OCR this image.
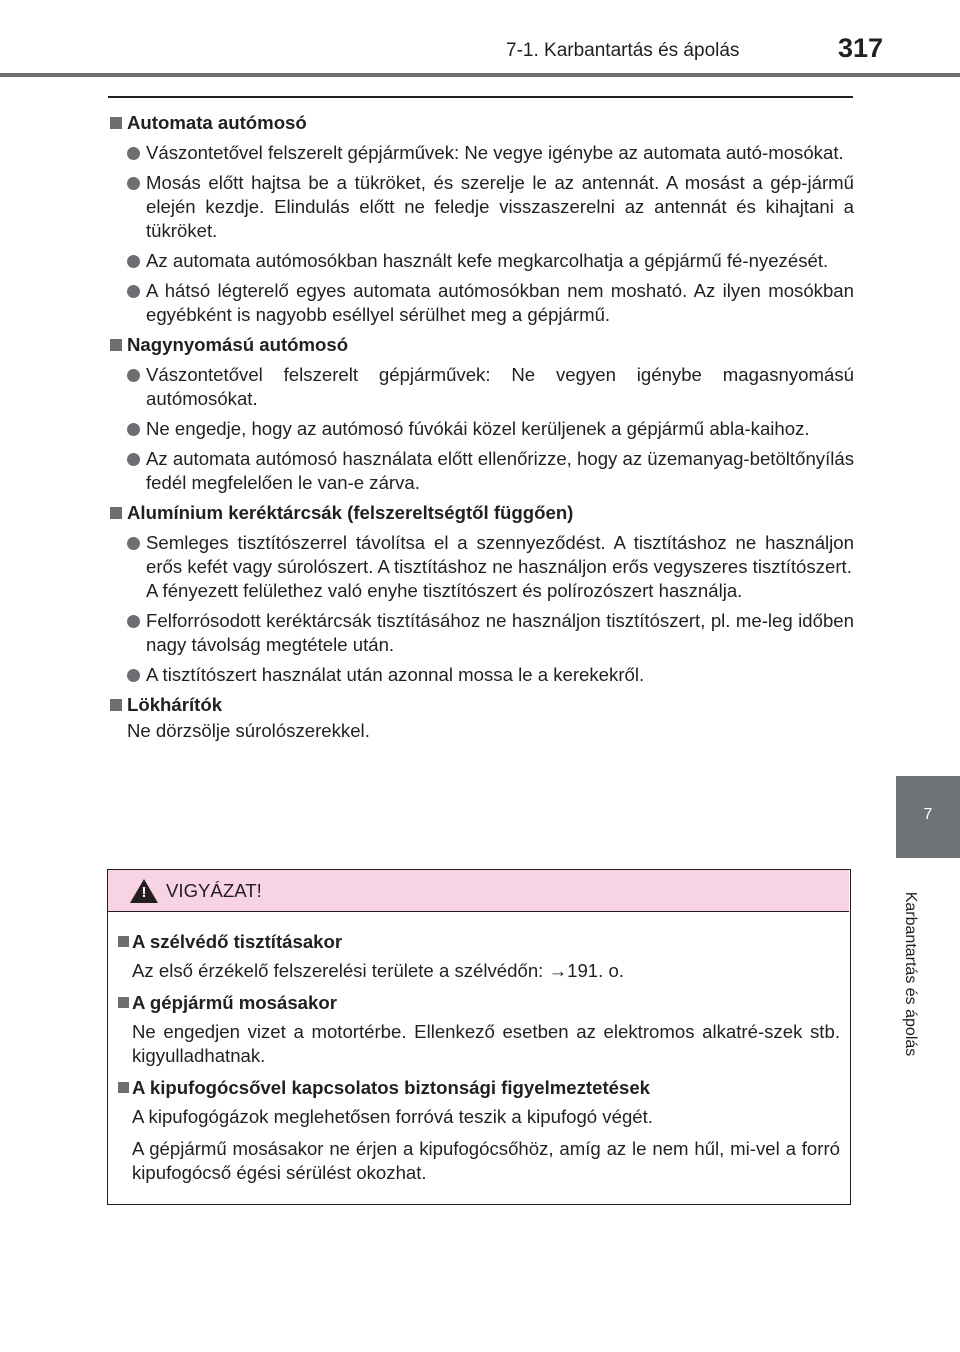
7-1. Karbantartás és ápolás	317
7
Karbantartás és ápolás
Automata autómosó
Vászontetővel felszerelt gépjárművek: Ne vegye igénybe az automata autó-mosókat.
Mosás előtt hajtsa be a tükröket, és szerelje le az antennát. A mosást a gép-jármű elején kezdje. Elindulás előtt ne feledje visszaszerelni az antennát és kihajtani a tükröket.
Az automata autómosókban használt kefe megkarcolhatja a gépjármű fé-nyezését.
A hátsó légterelő egyes automata autómosókban nem mosható. Az ilyen mosókban egyébként is nagyobb eséllyel sérülhet meg a gépjármű.
Nagynyomású autómosó
Vászontetővel felszerelt gépjárművek: Ne vegyen igénybe magasnyomású autómosókat.
Ne engedje, hogy az autómosó fúvókái közel kerüljenek a gépjármű abla-kaihoz.
Az automata autómosó használata előtt ellenőrizze, hogy az üzemanyag-betöltőnyílás fedél megfelelően le van-e zárva.
Alumínium keréktárcsák (felszereltségtől függően)
Semleges tisztítószerrel távolítsa el a szennyeződést. A tisztításhoz ne használjon erős kefét vagy súrolószert. A tisztításhoz ne használjon erős vegyszeres tisztítószert.
A fényezett felülethez való enyhe tisztítószert és polírozószert használja.
Felforrósodott keréktárcsák tisztításához ne használjon tisztítószert, pl. me-leg időben nagy távolság megtétele után.
A tisztítószert használat után azonnal mossa le a kerekekről.
Lökhárítók
Ne dörzsölje súrolószerekkel.
! VIGYÁZAT!
A szélvédő tisztításakor
Az első érzékelő felszerelési területe a szélvédőn: →191. o.
A gépjármű mosásakor
Ne engedjen vizet a motortérbe. Ellenkező esetben az elektromos alkatré-szek stb. kigyulladhatnak.
A kipufogócsővel kapcsolatos biztonsági figyelmeztetések
A kipufogógázok meglehetősen forróvá teszik a kipufogó végét.
A gépjármű mosásakor ne érjen a kipufogócsőhöz, amíg az le nem hűl, mi-vel a forró kipufogócső égési sérülést okozhat.
